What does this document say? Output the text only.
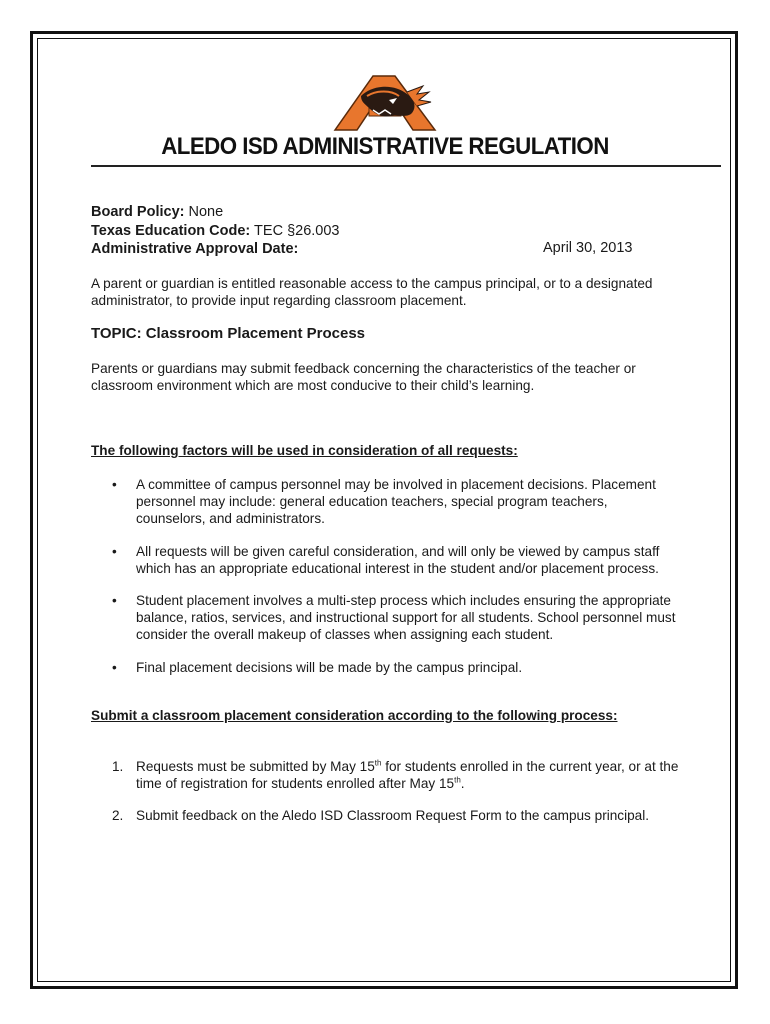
ALEDO ISD ADMINISTRATIVE REGULATION
Board Policy: None
Texas Education Code: TEC §26.003
Administrative Approval Date:	April 30, 2013
A parent or guardian is entitled reasonable access to the campus principal, or to a designated administrator, to provide input regarding classroom placement.
TOPIC: Classroom Placement Process
Parents or guardians may submit feedback concerning the characteristics of the teacher or classroom environment which are most conducive to their child’s learning.
The following factors will be used in consideration of all requests:
• A committee of campus personnel may be involved in placement decisions. Placement personnel may include: general education teachers, special program teachers, counselors, and administrators.
• All requests will be given careful consideration, and will only be viewed by campus staff which has an appropriate educational interest in the student and/or placement process.
• Student placement involves a multi-step process which includes ensuring the appropriate balance, ratios, services, and instructional support for all students. School personnel must consider the overall makeup of classes when assigning each student.
• Final placement decisions will be made by the campus principal.
Submit a classroom placement consideration according to the following process:
1. Requests must be submitted by May 15th for students enrolled in the current year, or at the time of registration for students enrolled after May 15th.
2. Submit feedback on the Aledo ISD Classroom Request Form to the campus principal.
